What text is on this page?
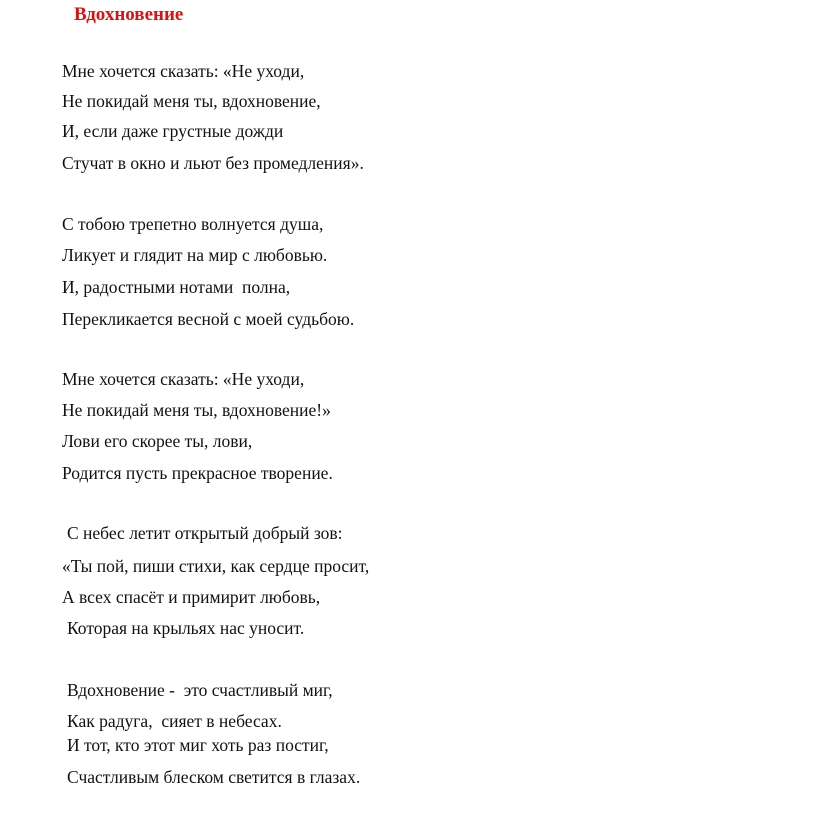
Вдохновение
Мне хочется сказать: «Не уходи,
Не покидай меня ты, вдохновение,
И, если даже грустные дожди
Стучат в окно и льют без промедления».
С тобою трепетно волнуется душа,
Ликует и глядит на мир с любовью.
И, радостными нотами  полна,
Перекликается весной с моей судьбою.
Мне хочется сказать: «Не уходи,
Не покидай меня ты, вдохновение!»
Лови его скорее ты, лови,
Родится пусть прекрасное творение.
С небес летит открытый добрый зов:
«Ты пой, пиши стихи, как сердце просит,
А всех спасёт и примирит любовь,
Которая на крыльях нас уносит.
Вдохновение -  это счастливый миг,
Как радуга,  сияет в небесах.
И тот, кто этот миг хоть раз постиг,
Счастливым блеском светится в глазах.
